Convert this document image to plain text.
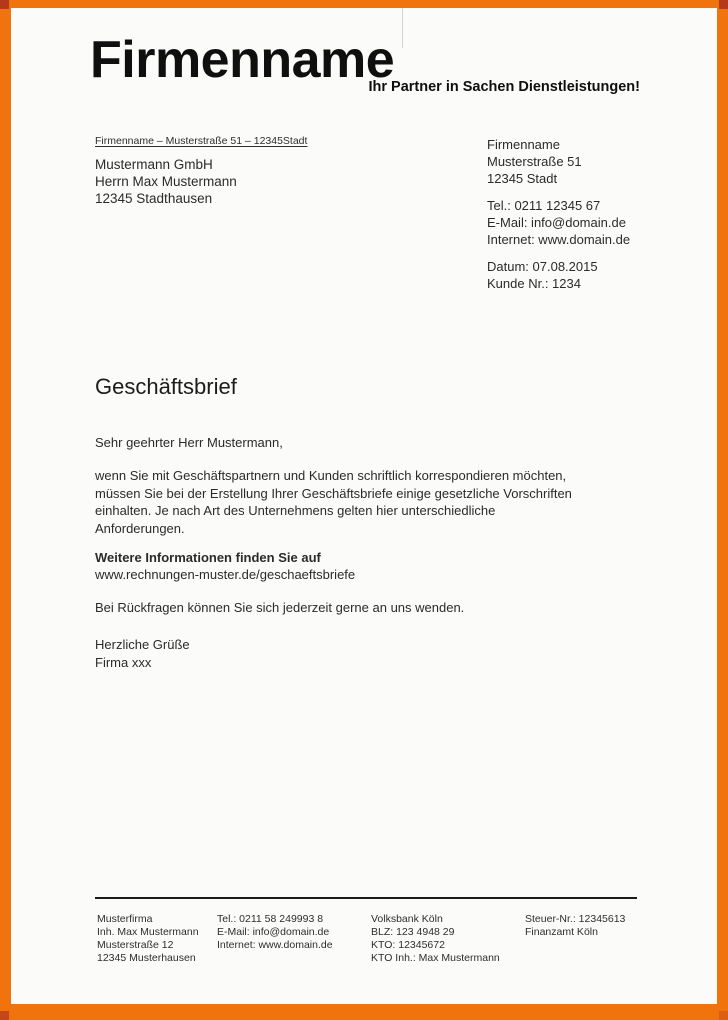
Firmenname
Ihr Partner in Sachen Dienstleistungen!
Firmenname – Musterstraße 51 – 12345Stadt
Mustermann GmbH
Herrn Max Mustermann
12345 Stadthausen
Firmenname
Musterstraße 51
12345 Stadt
Tel.: 0211 12345 67
E-Mail: info@domain.de
Internet: www.domain.de
Datum: 07.08.2015
Kunde Nr.: 1234
Geschäftsbrief
Sehr geehrter Herr Mustermann,
wenn Sie mit Geschäftspartnern und Kunden schriftlich korrespondieren möchten,
müssen Sie bei der Erstellung Ihrer Geschäftsbriefe einige gesetzliche Vorschriften
einhalten. Je nach Art des Unternehmens gelten hier unterschiedliche
Anforderungen.
Weitere Informationen finden Sie auf
www.rechnungen-muster.de/geschaeftsbriefe
Bei Rückfragen können Sie sich jederzeit gerne an uns wenden.
Herzliche Grüße
Firma xxx
Musterfirma
Inh. Max Mustermann
Musterstraße 12
12345 Musterhausen
Tel.: 0211 58 249993 8
E-Mail: info@domain.de
Internet: www.domain.de
Volksbank Köln
BLZ: 123 4948 29
KTO: 12345672
KTO Inh.: Max Mustermann
Steuer-Nr.: 12345613
Finanzamt Köln
